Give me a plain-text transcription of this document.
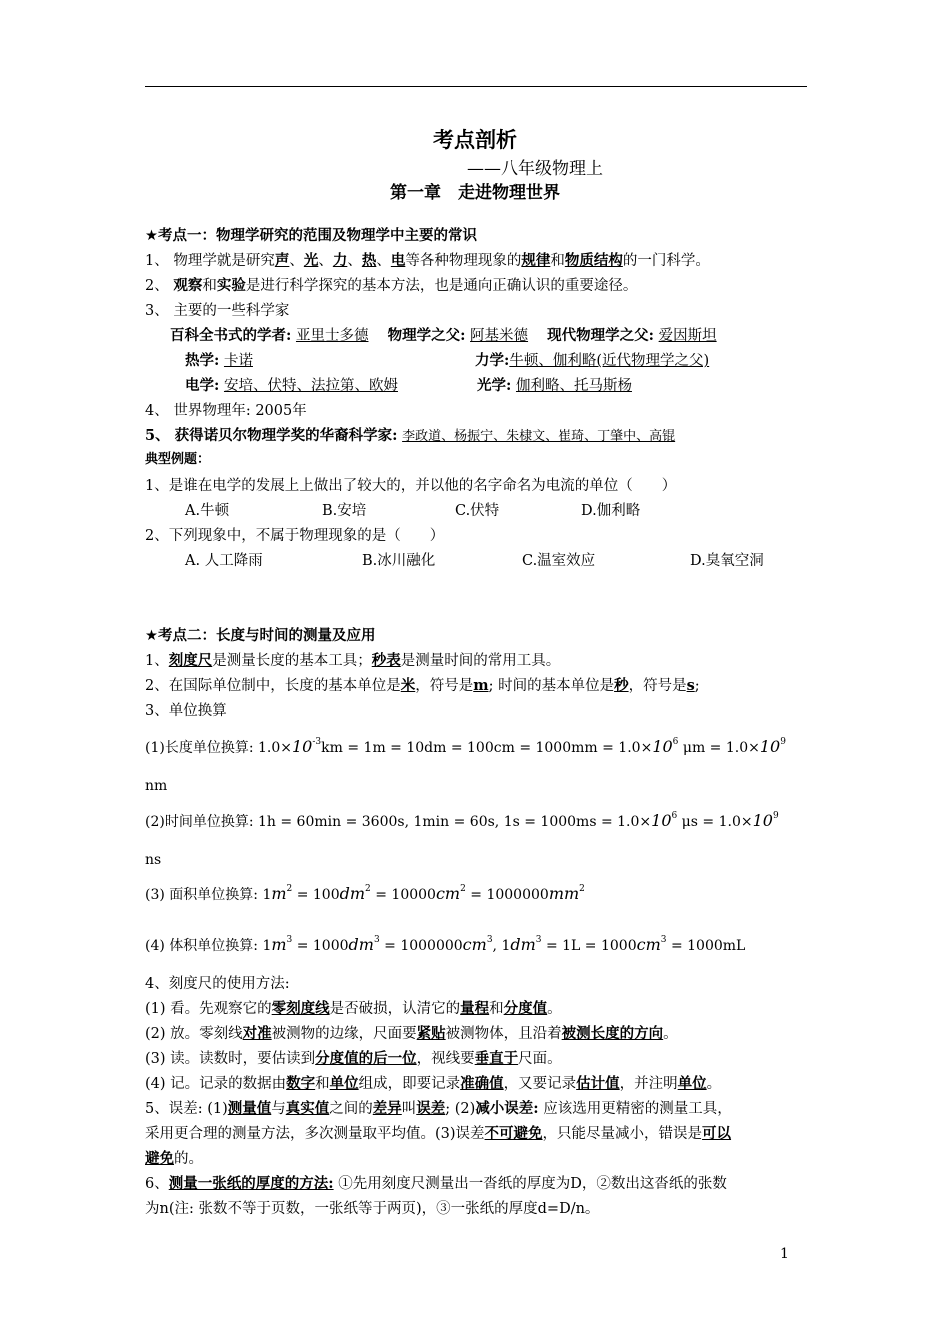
考点剖析
——八年级物理上
第一章　走进物理世界
★考点一：物理学研究的范围及物理学中主要的常识
1、 物理学就是研究声、光、力、热、电等各种物理现象的规律和物质结构的一门科学。
2、 观察和实验是进行科学探究的基本方法，也是通向正确认识的重要途径。
3、 主要的一些科学家
百科全书式的学者: 亚里士多德　 物理学之父: 阿基米德　 现代物理学之父: 爱因斯坦
热学: 卡诺	力学:牛顿、伽利略(近代物理学之父)
电学: 安培、伏特、法拉第、欧姆	光学: 伽利略、托马斯杨
4、 世界物理年: 2005年
5、 获得诺贝尔物理学奖的华裔科学家: 李政道、杨振宁、朱棣文、崔琦、丁肇中、高锟
典型例题：
1、是谁在电学的发展上上做出了较大的，并以他的名字命名为电流的单位（　　）
A.牛顿	B.安培	C.伏特	D.伽利略
2、下列现象中，不属于物理现象的是（　　）
A. 人工降雨	B.冰川融化	C.温室效应	D.臭氧空洞
★考点二：长度与时间的测量及应用
1、刻度尺是测量长度的基本工具；秒表是测量时间的常用工具。
2、在国际单位制中，长度的基本单位是米，符号是m; 时间的基本单位是秒，符号是s;
3、单位换算
(1)长度单位换算: $1.0\times 10^{-3}km = 1m = 10dm = 100cm = 1000mm = 1.0\times 10^6$ $\mu m = 1.0\times 10^9$
nm
(2)时间单位换算: 1h = 60min = 3600s, 1min = 60s, $1s = 1000ms = 1.0\times 10^6$ $\mu s = 1.0\times 10^9$
ns
(3) 面积单位换算: $1m^2 = 100dm^2 = 10000cm^2 = 1000000mm^2$
(4) 体积单位换算: $1m^3 = 1000dm^3 = 1000000cm^3$, $1dm^3 = 1L = 1000cm^3 = 1000mL$
4、刻度尺的使用方法:
(1) 看。先观察它的零刻度线是否破损，认清它的量程和分度值。
(2) 放。零刻线对准被测物的边缘，尺面要紧贴被测物体，且沿着被测长度的方向。
(3) 读。读数时，要估读到分度值的后一位，视线要垂直于尺面。
(4) 记。记录的数据由数字和单位组成，即要记录准确值，又要记录估计值，并注明单位。
5、误差: (1)测量值与真实值之间的差异叫误差; (2)减小误差: 应该选用更精密的测量工具，
采用更合理的测量方法，多次测量取平均值。(3)误差不可避免，只能尽量减小，错误是可以
避免的。
6、测量一张纸的厚度的方法: ①先用刻度尺测量出一沓纸的厚度为D，②数出这沓纸的张数
为n(注: 张数不等于页数，一张纸等于两页)，③一张纸的厚度d=D/n。
1
